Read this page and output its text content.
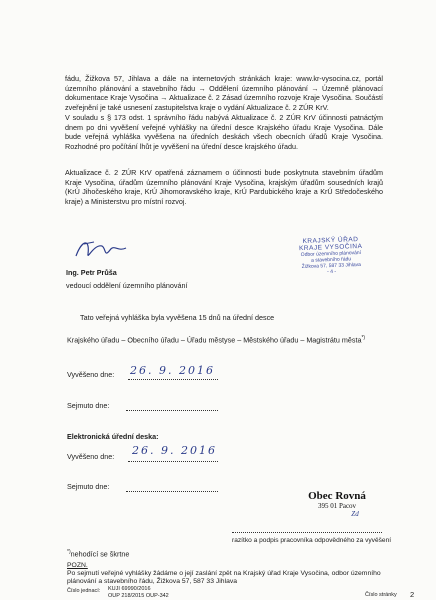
fádu, Žižkova 57, Jihlava a dále na internetových stránkách kraje: www.kr-vysocina.cz, portál územního plánování a stavebního řádu → Oddělení územního plánování → Územně plánovací dokumentace Kraje Vysočina → Aktualizace č. 2 Zásad územního rozvoje Kraje Vysočina. Součástí zveřejnění je také usnesení zastupitelstva kraje o vydání Aktualizace č. 2 ZÚR KrV.

V souladu s § 173 odst. 1 správního řádu nabývá Aktualizace č. 2 ZÚR KrV účinnosti patnáctým dnem po dni vyvěšení veřejné vyhlášky na úřední desce Krajského úřadu Kraje Vysočina. Dále bude veřejná vyhláška vyvěšena na úředních deskách všech obecních úřadů Kraje Vysočina. Rozhodné pro počítání lhůt je vyvěšení na úřední desce krajského úřadu.

Aktualizace č. 2 ZÚR KrV opatřená záznamem o účinnosti bude poskytnuta stavebním úřadům Kraje Vysočina, úřadům územního plánování Kraje Vysočina, krajským úřadům sousedních krajů (KrÚ Jihočeského kraje, KrÚ Jihomoravského kraje, KrÚ Pardubického kraje a KrÚ Středočeského kraje) a Ministerstvu pro místní rozvoj.

Ing. Petr Průša

vedoucí oddělení územního plánování

KRAJSKÝ ÚŘAD
KRAJE VYSOČINA
Odbor územního plánování
a stavebního řádu
Žižkova 57, 587 33 Jihlava
- 4 -

Tato veřejná vyhláška byla vyvěšena 15 dnů na úřední desce

Krajského úřadu – Obecního úřadu – Úřadu městyse – Městského úřadu – Magistrátu města*)

Vyvěšeno dne: 26. 9. 2016

Sejmuto dne:

Elektronická úřední deska:

Vyvěšeno dne: 26. 9. 2016

Sejmuto dne:

Obec Rovná
395 01 Pacov
Zd

razítko a podpis pracovníka odpovědného za vyvěšení

*)nehodící se škrtne

POZN.

Po sejmutí veřejné vyhlášky žádáme o její zaslání zpět na Krajský úřad Kraje Vysočina, odbor územního plánování a stavebního řádu, Žižkova 57, 587 33 Jihlava

Číslo jednací: KUJI 69990/2016

OUP 218/2015 OUP-342	Číslo stránky 2
